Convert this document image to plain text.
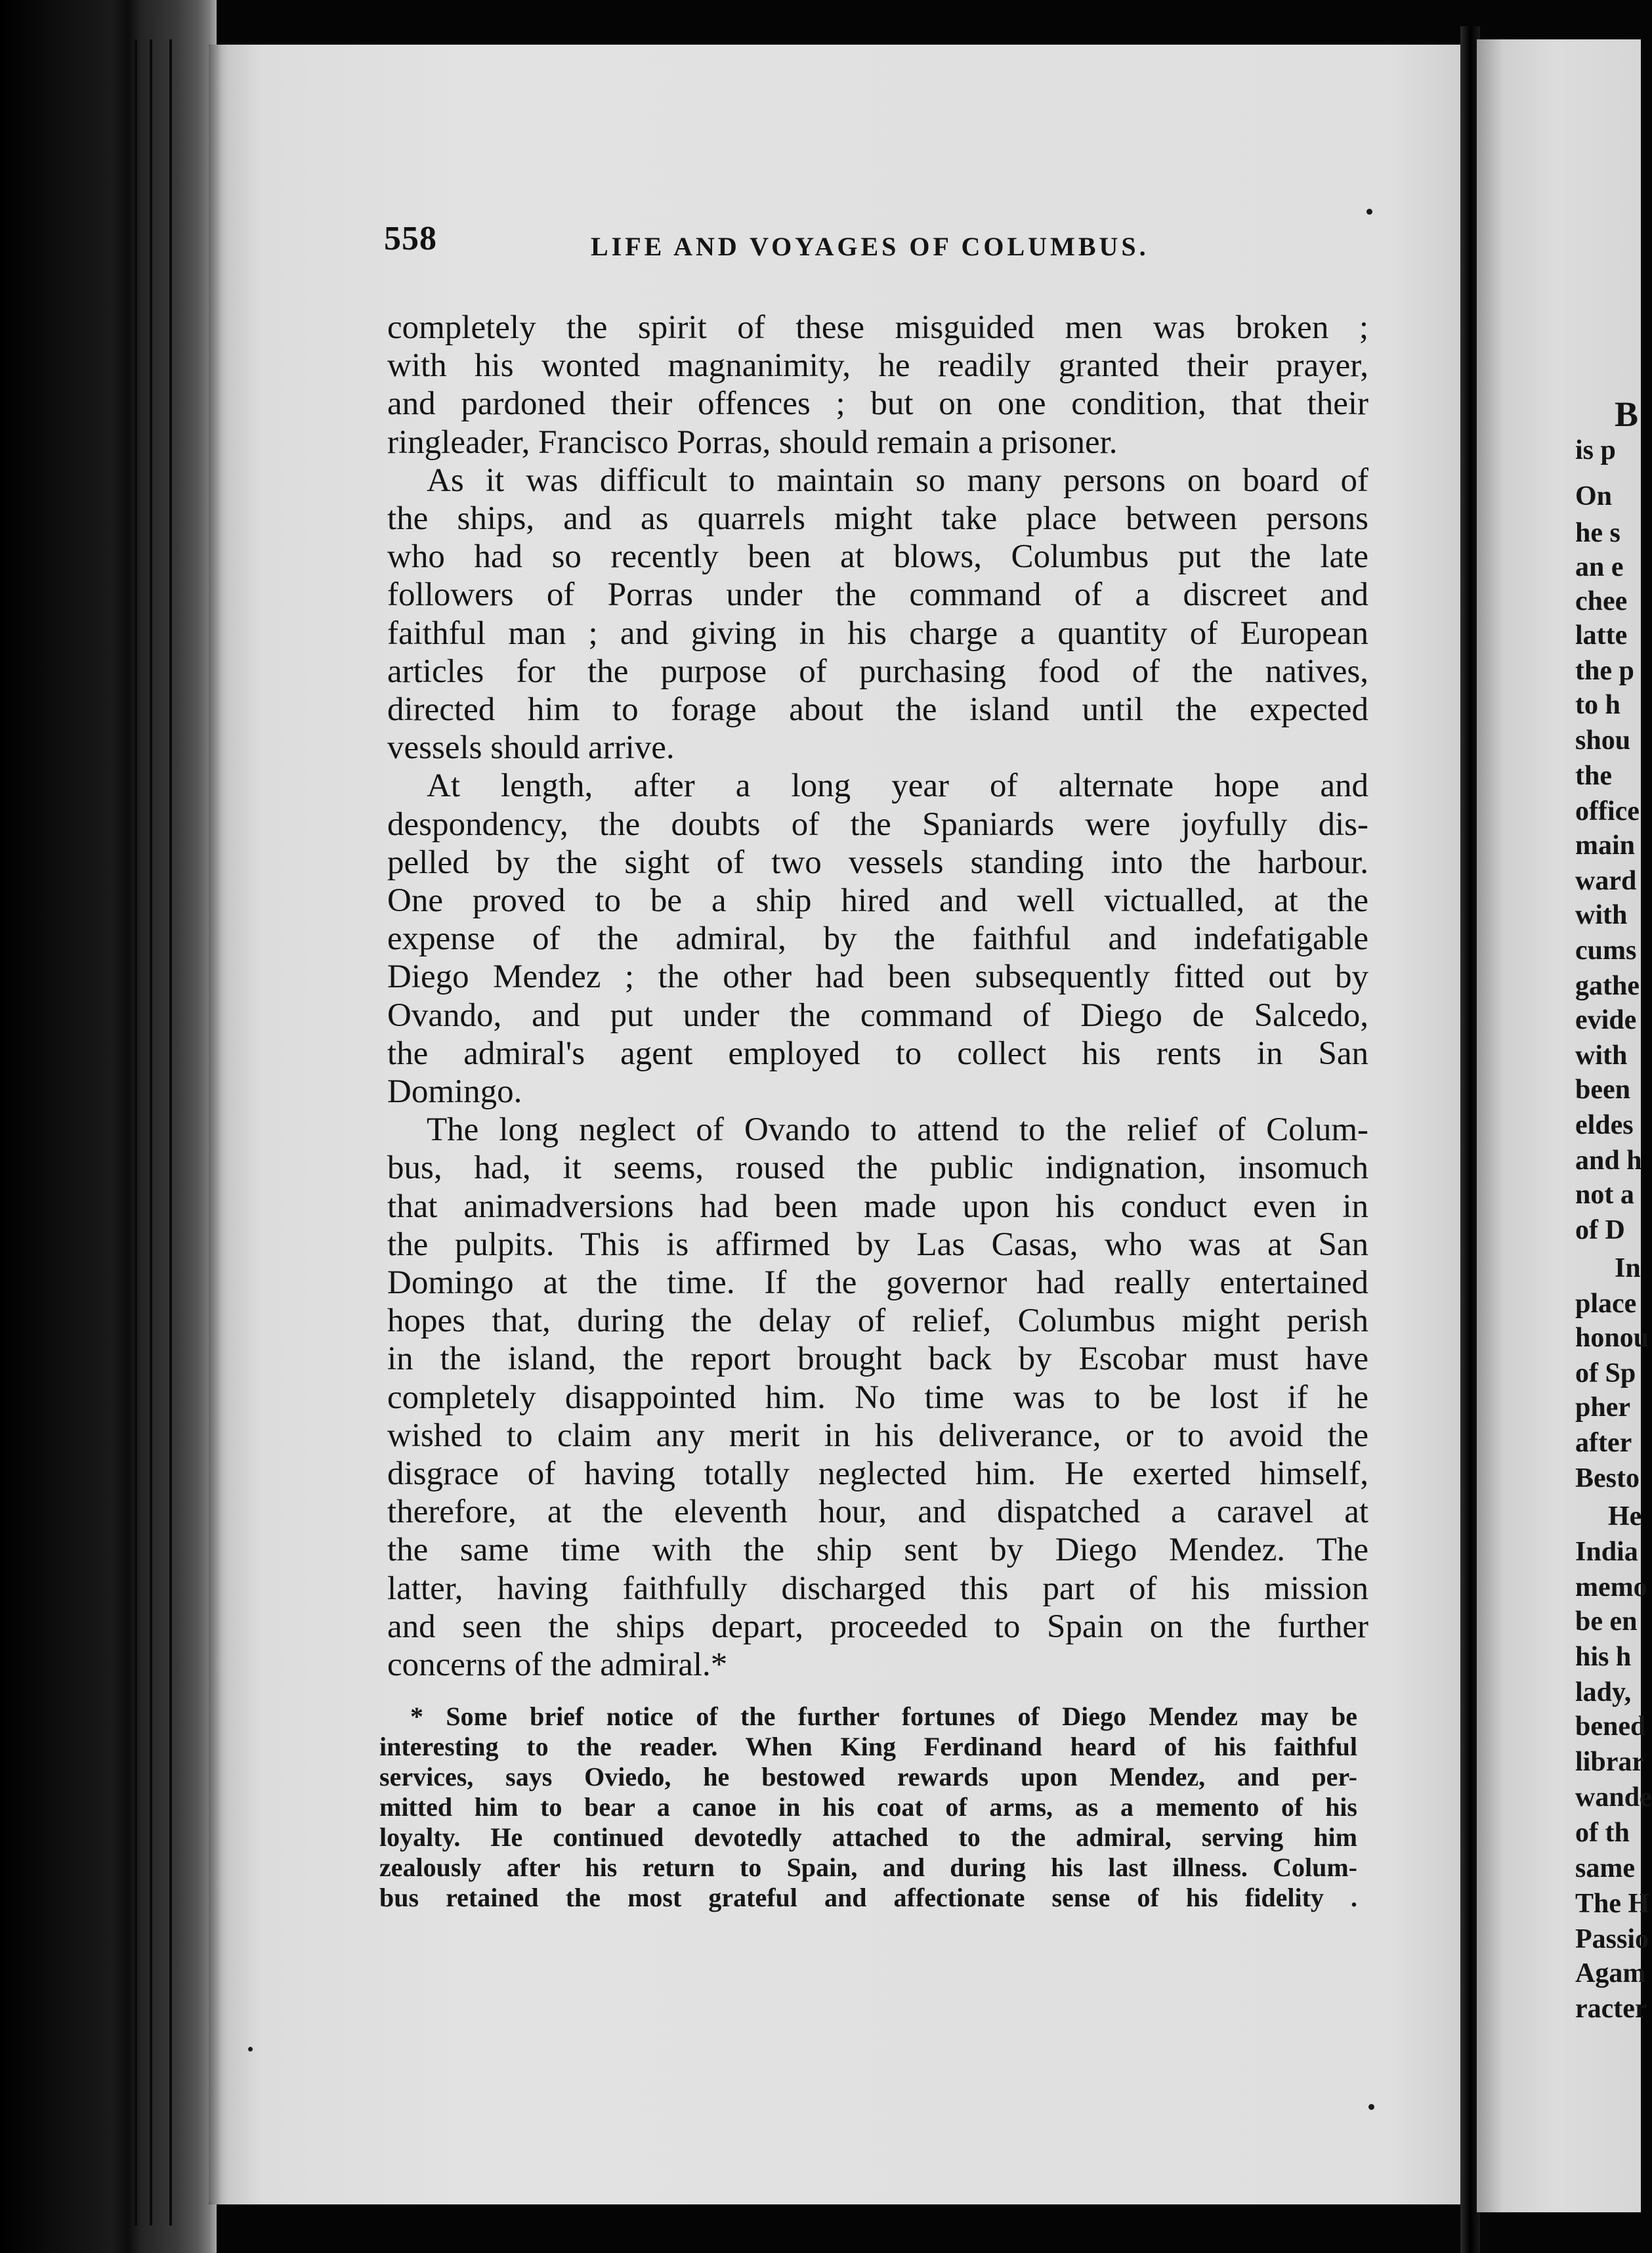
B
is p
On
he s
an e
chee
latte
the p
to h
shou
the
office
main
ward
with
cums
gathe
evide
with
been
eldes
and h
not a
of D
In
place
honou
of Sp
pher
after
Besto
He
India
memo
be en
his h
lady,
bened
librar
wande
of th
same
The H
Passio
Agam
racter
558	LIFE AND VOYAGES OF COLUMBUS.
completely the spirit of these misguided men was broken ;
with his wonted magnanimity, he readily granted their prayer,
and pardoned their offences ; but on one condition, that their
ringleader, Francisco Porras, should remain a prisoner.
As it was difficult to maintain so many persons on board of
the ships, and as quarrels might take place between persons
who had so recently been at blows, Columbus put the late
followers of Porras under the command of a discreet and
faithful man ; and giving in his charge a quantity of European
articles for the purpose of purchasing food of the natives,
directed him to forage about the island until the expected
vessels should arrive.
At length, after a long year of alternate hope and
despondency, the doubts of the Spaniards were joyfully dis-
pelled by the sight of two vessels standing into the harbour.
One proved to be a ship hired and well victualled, at the
expense of the admiral, by the faithful and indefatigable
Diego Mendez ; the other had been subsequently fitted out by
Ovando, and put under the command of Diego de Salcedo,
the admiral's agent employed to collect his rents in San
Domingo.
The long neglect of Ovando to attend to the relief of Colum-
bus, had, it seems, roused the public indignation, insomuch
that animadversions had been made upon his conduct even in
the pulpits. This is affirmed by Las Casas, who was at San
Domingo at the time. If the governor had really entertained
hopes that, during the delay of relief, Columbus might perish
in the island, the report brought back by Escobar must have
completely disappointed him. No time was to be lost if he
wished to claim any merit in his deliverance, or to avoid the
disgrace of having totally neglected him. He exerted himself,
therefore, at the eleventh hour, and dispatched a caravel at
the same time with the ship sent by Diego Mendez. The
latter, having faithfully discharged this part of his mission
and seen the ships depart, proceeded to Spain on the further
concerns of the admiral.*
* Some brief notice of the further fortunes of Diego Mendez may be
interesting to the reader. When King Ferdinand heard of his faithful
services, says Oviedo, he bestowed rewards upon Mendez, and per-
mitted him to bear a canoe in his coat of arms, as a memento of his
loyalty. He continued devotedly attached to the admiral, serving him
zealously after his return to Spain, and during his last illness. Colum-
bus retained the most grateful and affectionate sense of his fidelity .
